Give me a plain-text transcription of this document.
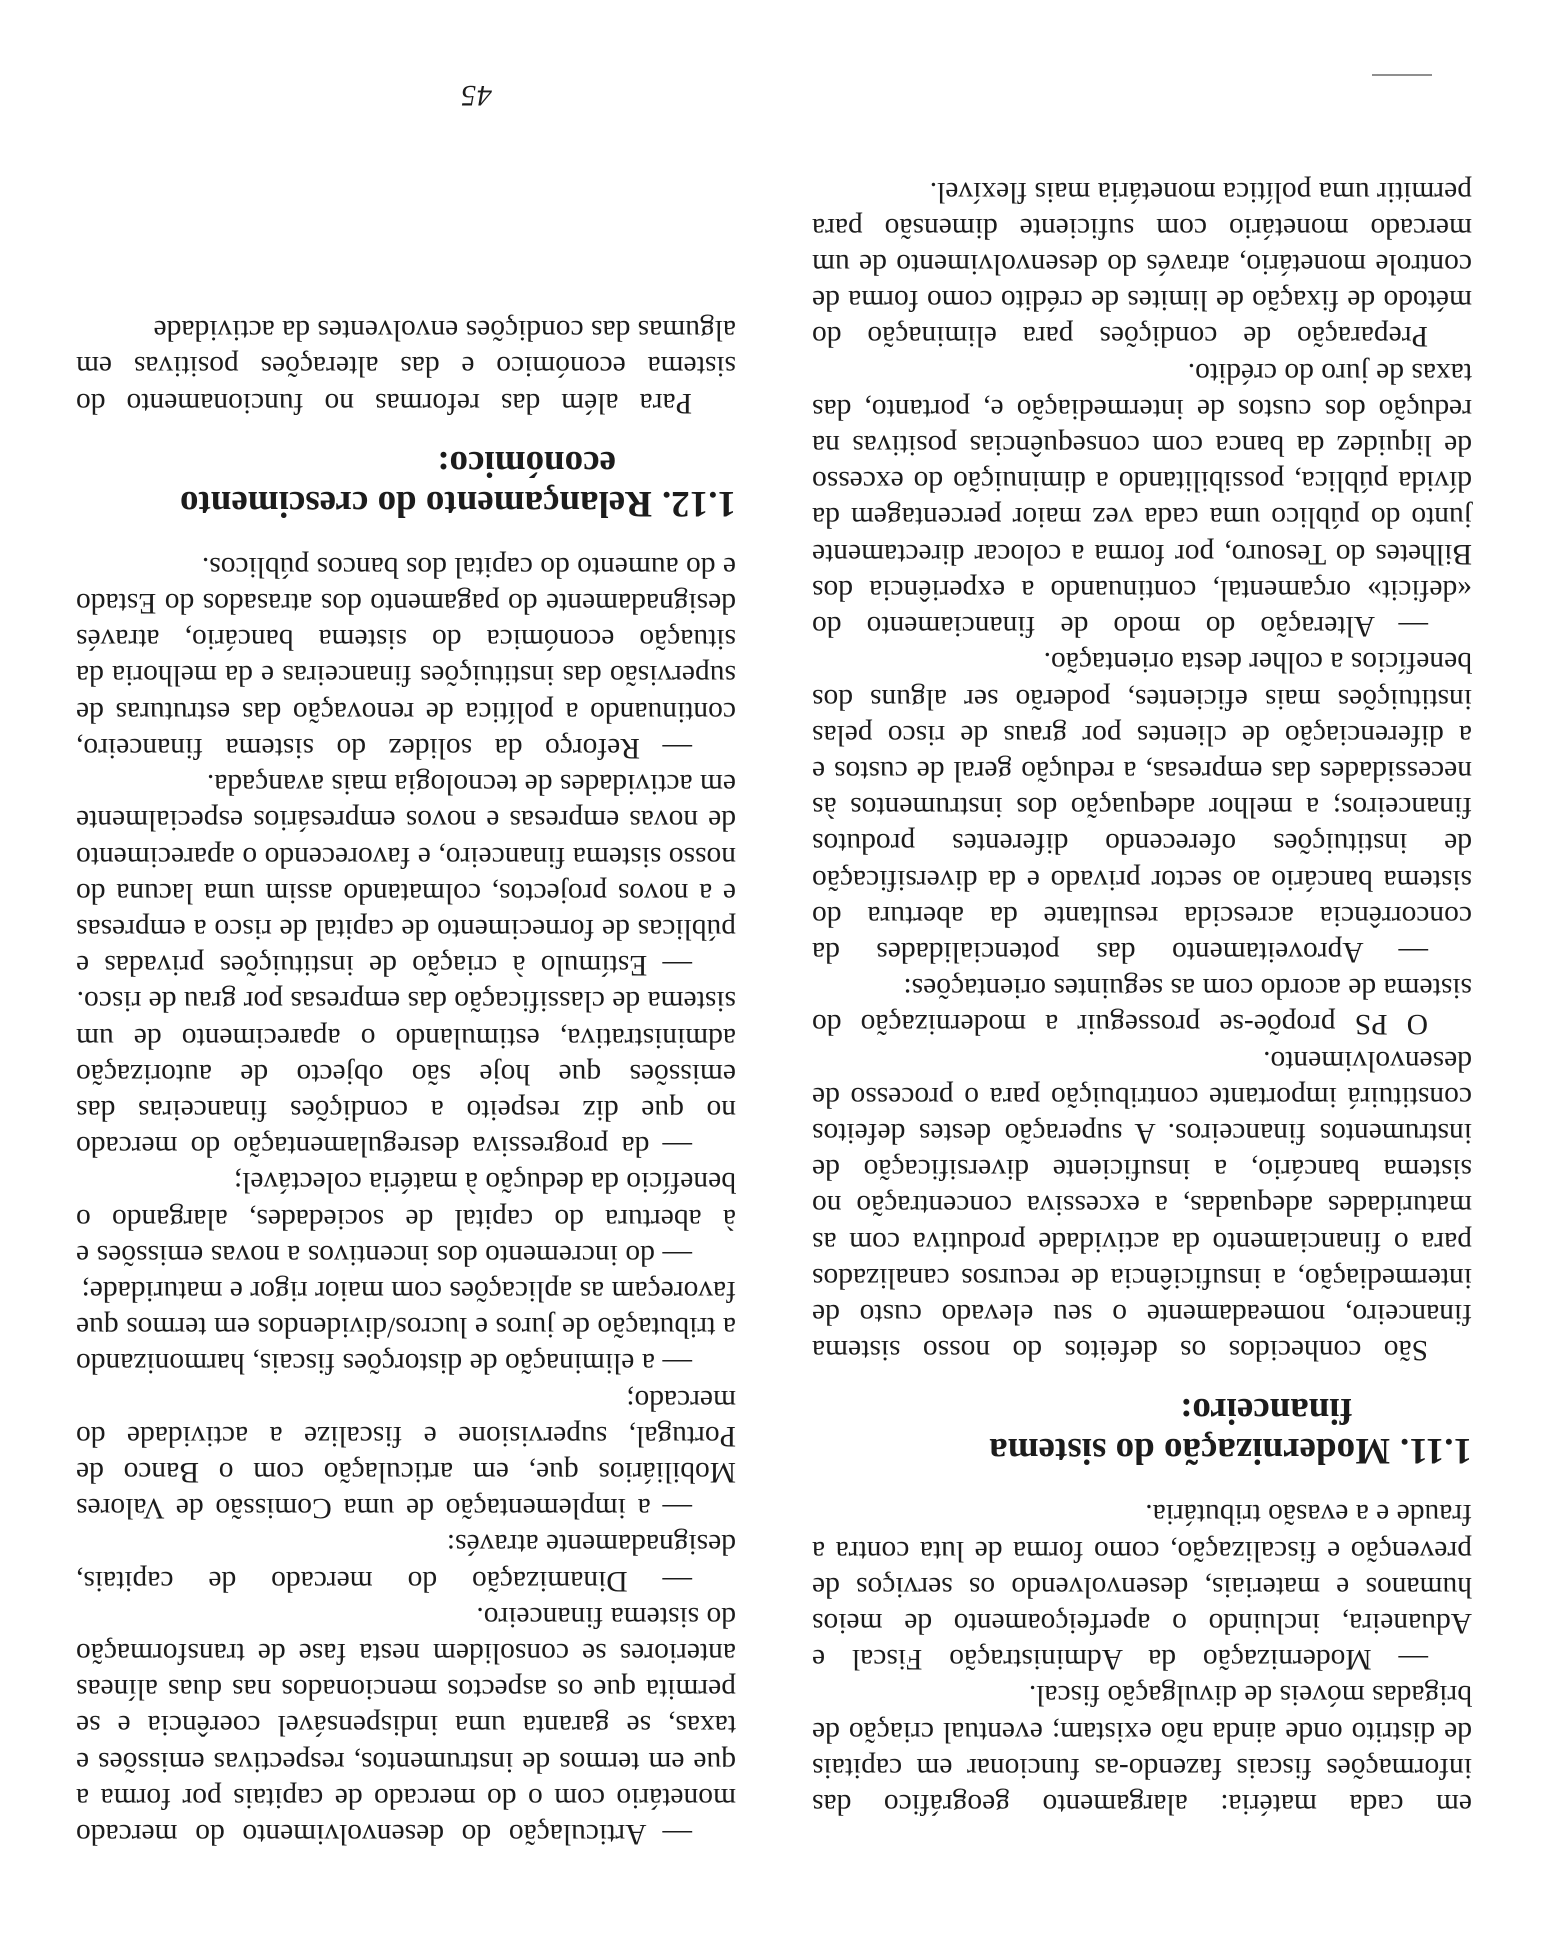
em cada matéria: alargamento geográfico das informações fiscais fazendo-as funcionar em capitais de distrito onde ainda não existam; eventual criação de brigadas móveis de divulgação fiscal.

— Modernização da Administração Fiscal e Aduaneira, incluindo o aperfeiçoamento de meios humanos e materiais, desenvolvendo os serviços de prevenção e fiscalização, como forma de luta contra a fraude e a evasão tributária.

1.11.Modernização do sistema
financeiro:

São conhecidos os defeitos do nosso sistema financeiro, nomeadamente o seu elevado custo de intermediação, a insuficiência de recursos canalizados para o financiamento da actividade produtiva com as maturidades adequadas, a excessiva concentração no sistema bancário, a insuficiente diversificação de instrumentos financeiros. A superação destes defeitos constituirá importante contribuição para o processo de desenvolvimento.

O PS propõe-se prosseguir a modernização do sistema de acordo com as seguintes orientações:

— Aproveitamento das potencialidades da concorrência acrescida resultante da abertura do sistema bancário ao sector privado e da diversificação de instituições oferecendo diferentes produtos financeiros; a melhor adequação dos instrumentos às necessidades das empresas, a redução geral de custos e a diferenciação de clientes por graus de risco pelas instituições mais eficientes, poderão ser alguns dos benefícios a colher desta orientação.

— Alteração do modo de financiamento do «deficit» orçamental, continuando a experiência dos Bilhetes do Tesouro, por forma a colocar directamente junto do público uma cada vez maior percentagem da dívida pública, possibilitando a diminuição do excesso de liquidez da banca com consequências positivas na redução dos custos de intermediação e, portanto, das taxas de juro do crédito.

Preparação de condições para eliminação do método de fixação de limites de crédito como forma de controle monetário, através do desenvolvimento de um mercado monetário com suficiente dimensão para permitir uma política monetária mais flexível.

— Articulação do desenvolvimento do mercado monetário com o do mercado de capitais por forma a que em termos de instrumentos, respectivas emissões e taxas, se garanta uma indispensável coerência e se permita que os aspectos mencionados nas duas alíneas anteriores se consolidem nesta fase de transformação do sistema financeiro.

— Dinamização do mercado de capitais, designadamente através:

— a implementação de uma Comissão de Valores Mobiliários que, em articulação com o Banco de Portugal, supervisione e fiscalize a actividade do mercado;

— a eliminação de distorções fiscais, harmonizando a tributação de juros e lucros/dividendos em termos que favoreçam as aplicações com maior rigor e maturidade;

— do incremento dos incentivos a novas emissões e à abertura do capital de sociedades, alargando o benefício da dedução à matéria colectável;

— da progressiva desregulamentação do mercado no que diz respeito a condições financeiras das emissões que hoje são objecto de autorização administrativa, estimulando o aparecimento de um sistema de classificação das empresas por grau de risco.

— Estímulo à criação de instituições privadas e públicas de fornecimento de capital de risco a empresas e a novos projectos, colmatando assim uma lacuna do nosso sistema financeiro, e favorecendo o aparecimento de novas empresas e novos empresários especialmente em actividades de tecnologia mais avançada.

— Reforço da solidez do sistema financeiro, continuando a política de renovação das estruturas de supervisão das instituições financeiras e da melhoria da situação económica do sistema bancário, através designadamente do pagamento dos atrasados do Estado e do aumento do capital dos bancos públicos.

1.12.Relançamento do crescimento
económico:

Para além das reformas no funcionamento do sistema económico e das alterações positivas em algumas das condições envolventes da actividade

45
